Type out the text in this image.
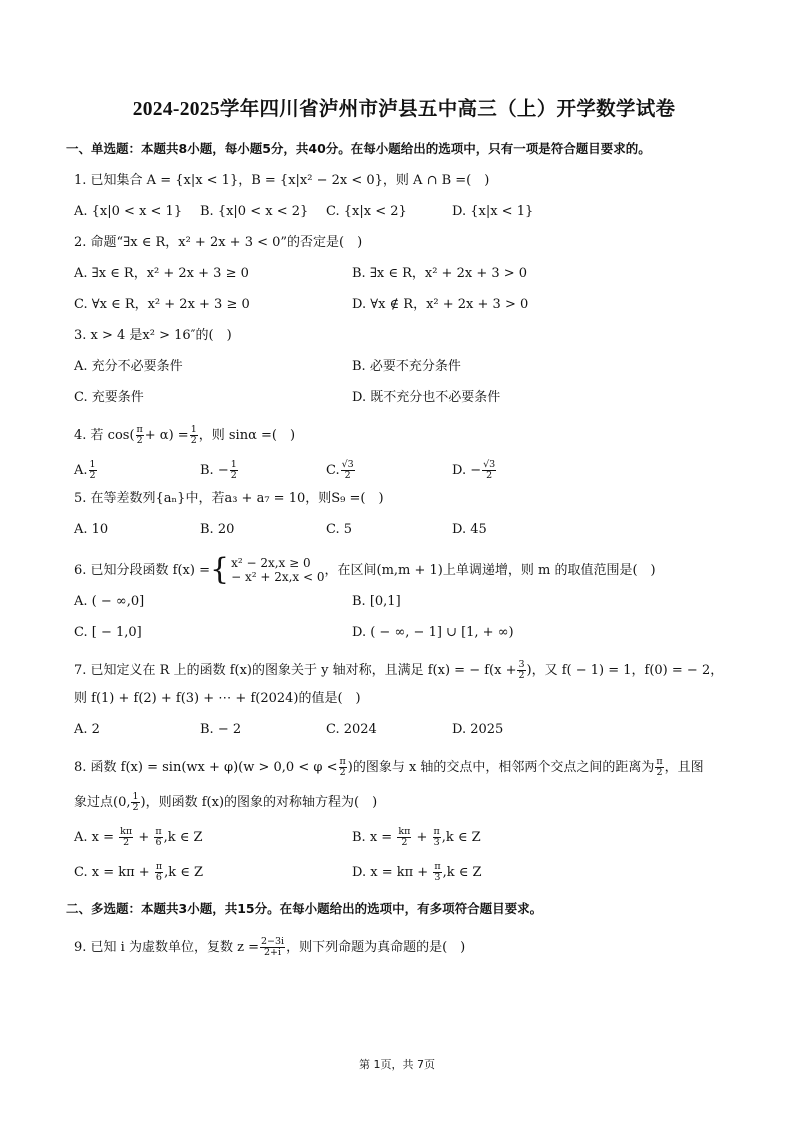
2024-2025学年四川省泸州市泸县五中高三（上）开学数学试卷
一、单选题：本题共8小题，每小题5分，共40分。在每小题给出的选项中，只有一项是符合题目要求的。
1. 已知集合 A = {x|x < 1}，B = {x|x² − 2x < 0}，则 A ∩ B =(　)
A. {x|0 < x < 1}	B. {x|0 < x < 2}	C. {x|x < 2}	D. {x|x < 1}
2. 命题“∃x ∈ R，x² + 2x + 3 < 0”的否定是(　)
A. ∃x ∈ R，x² + 2x + 3 ≥ 0	B. ∃x ∈ R，x² + 2x + 3 > 0
C. ∀x ∈ R，x² + 2x + 3 ≥ 0	D. ∀x ∉ R，x² + 2x + 3 > 0
3. x > 4 是x² > 16″的(　)
A. 充分不必要条件	B. 必要不充分条件
C. 充要条件	D. 既不充分也不必要条件
4. 若 $\cos( \frac{\pi}{2} + \alpha) = \frac{1}{2}$ ，则 sinα =(　)
A. $\frac{1}{2}$	B. − $\frac{1}{2}$	C. $\frac{√3}{2}$	D. − $\frac{√3}{2}$
5. 在等差数列{aₙ}中，若a₃ + a₇ = 10，则S₉ =(　)
A. 10	B. 20	C. 5	D. 45
6. 已知分段函数 f(x) = { x² − 2x,x ≥ 0
− x² + 2x,x < 0 ，在区间(m,m + 1)上单调递增，则 m 的取值范围是(　)
A. ( − ∞,0]	B. [0,1]
C. [ − 1,0]	D. ( − ∞, − 1] ∪ [1, + ∞)
7. 已知定义在 R 上的函数 f(x)的图象关于 y 轴对称，且满足 f(x) = − $f(x + \frac{3}{2}$ )，又 f( − 1) = 1，f(0) = − 2，
则 f(1) + f(2) + f(3) + ⋯ + f(2024)的值是(　)
A. 2	B. − 2	C. 2024	D. 2025
8. 函数 $f(x) = \sin(wx + \varphi)(w > 0,0 < \varphi < \frac{\pi}{2}$ )的图象与 x 轴的交点中，相邻两个交点之间的距离为 $\frac{\pi}{2}$ ，且图
象过点(0, $\frac{1}{2}$ )，则函数 f(x)的图象的对称轴方程为(　)
A. $x = \frac{k\pi}{2} + \frac{\pi}{6} ,k$ ∈ Z	B. $x = \frac{k\pi}{2} + \frac{\pi}{3} ,k$ ∈ Z
C. $x = k\pi + \frac{\pi}{6} ,k$ ∈ Z	D. $x = k\pi + \frac{\pi}{3} ,k$ ∈ Z
二、多选题：本题共3小题，共15分。在每小题给出的选项中，有多项符合题目要求。
9. 已知 i 为虚数单位，复数 $z = \frac{2-3i}{2+i}$ ，则下列命题为真命题的是(　)
第 1页，共 7页
